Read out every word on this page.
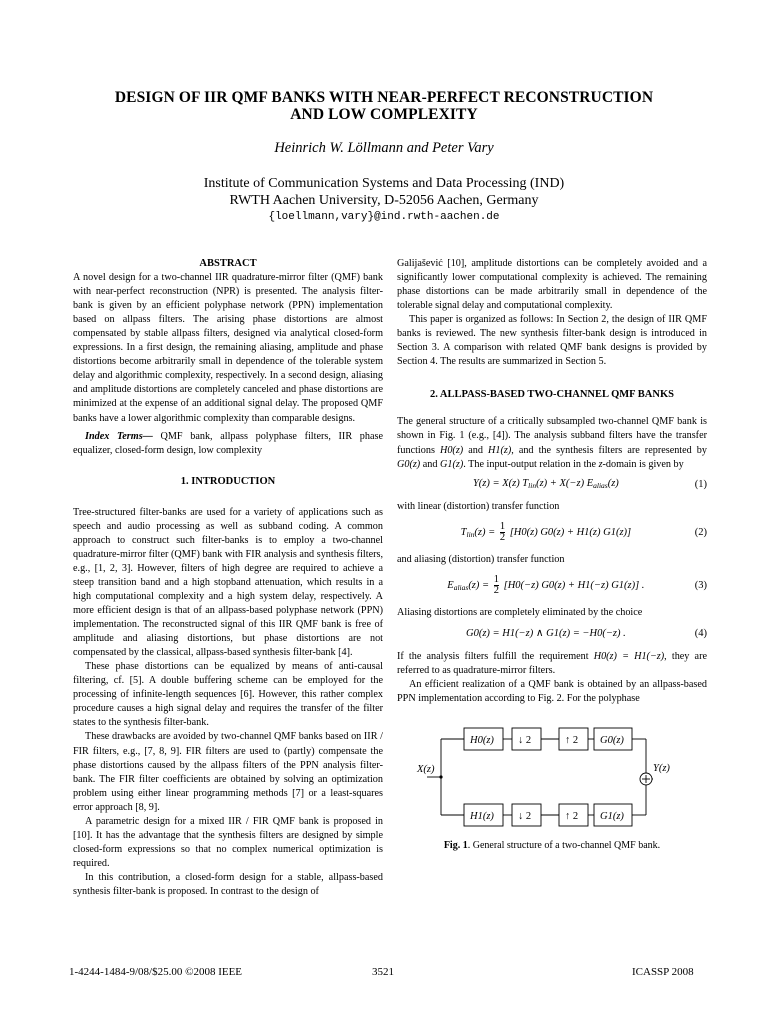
DESIGN OF IIR QMF BANKS WITH NEAR-PERFECT RECONSTRUCTION
AND LOW COMPLEXITY
Heinrich W. Löllmann and Peter Vary
Institute of Communication Systems and Data Processing (IND)
RWTH Aachen University, D-52056 Aachen, Germany
{loellmann,vary}@ind.rwth-aachen.de

ABSTRACT

A novel design for a two-channel IIR quadrature-mirror filter (QMF) bank with near-perfect reconstruction (NPR) is presented. The analysis filter-bank is given by an efficient polyphase network (PPN) implementation based on allpass filters. The arising phase distortions are almost compensated by stable allpass filters, designed via analytical closed-form expressions. In a first design, the remaining aliasing, amplitude and phase distortions become arbitrarily small in dependence of the tolerable system delay and algorithmic complexity, respectively. In a second design, aliasing and amplitude distortions are completely canceled and phase distortions are minimized at the expense of an additional signal delay. The proposed QMF banks have a lower algorithmic complexity than comparable designs.

Index Terms— QMF bank, allpass polyphase filters, IIR phase equalizer, closed-form design, low complexity

1. INTRODUCTION

Tree-structured filter-banks are used for a variety of applications such as speech and audio processing as well as subband coding. A common approach to construct such filter-banks is to employ a two-channel quadrature-mirror filter (QMF) bank with FIR analysis and synthesis filters, e.g., [1, 2, 3]. However, filters of high degree are required to achieve a steep transition band and a high stopband attenuation, which results in a high computational complexity and a high system delay, respectively. A more efficient design is that of an allpass-based polyphase network (PPN) implementation. The reconstructed signal of this IIR QMF bank is free of amplitude and aliasing distortions, but phase distortions are not compensated by the classical, allpass-based synthesis filter-bank [4].

These phase distortions can be equalized by means of anti-causal filtering, cf. [5]. A double buffering scheme can be employed for the processing of infinite-length sequences [6]. However, this rather complex procedure causes a high signal delay and requires the transfer of the filter states to the synthesis filter-bank.

These drawbacks are avoided by two-channel QMF banks based on IIR / FIR filters, e.g., [7, 8, 9]. FIR filters are used to (partly) compensate the phase distortions caused by the allpass filters of the PPN analysis filter-bank. The FIR filter coefficients are obtained by solving an optimization problem using either linear programming methods [7] or a least-squares error approach [8, 9].

A parametric design for a mixed IIR / FIR QMF bank is proposed in [10]. It has the advantage that the synthesis filters are designed by simple closed-form expressions so that no complex numerical optimization is required.

In this contribution, a closed-form design for a stable, allpass-based synthesis filter-bank is proposed. In contrast to the design of

Galijašević [10], amplitude distortions can be completely avoided and a significantly lower computational complexity is achieved. The remaining phase distortions can be made arbitrarily small in dependence of the tolerable signal delay and computational complexity.

This paper is organized as follows: In Section 2, the design of IIR QMF banks is reviewed. The new synthesis filter-bank design is introduced in Section 3. A comparison with related QMF bank designs is provided by Section 4. The results are summarized in Section 5.

2. ALLPASS-BASED TWO-CHANNEL QMF BANKS

The general structure of a critically subsampled two-channel QMF bank is shown in Fig. 1 (e.g., [4]). The analysis subband filters have the transfer functions H0(z) and H1(z), and the synthesis filters are represented by G0(z) and G1(z). The input-output relation in the z-domain is given by

Y(z) = X(z) $T_{lin}(z) + X(-z)$ $E_{alias}(z)$	(1)

with linear (distortion) transfer function

$T_{lin}(z) = \frac{1}{2} [H0(z) G0(z) + H1(z)$ G1(z)]	(2)

and aliasing (distortion) transfer function

$E_{alias}(z) = \frac{1}{2} [H0(-z) G0(z) + H1(-z)$ G1(z)] .	(3)

Aliasing distortions are completely eliminated by the choice

G0(z) = H1(−z) ∧ G1(z) = −H0(−z) .	(4)

If the analysis filters fulfill the requirement H0(z) = H1(−z), they are referred to as quadrature-mirror filters.

An efficient realization of a QMF bank is obtained by an allpass-based PPN implementation according to Fig. 2. For the polyphase

X(z)	Y(z)
H0(z)
H1(z)
G0(z)
G1(z)
↓ 2	↑ 2
↓ 2	↑ 2

Fig. 1. General structure of a two-channel QMF bank.

1-4244-1484-9/08/$25.00 ©2008 IEEE	3521	ICASSP 2008
